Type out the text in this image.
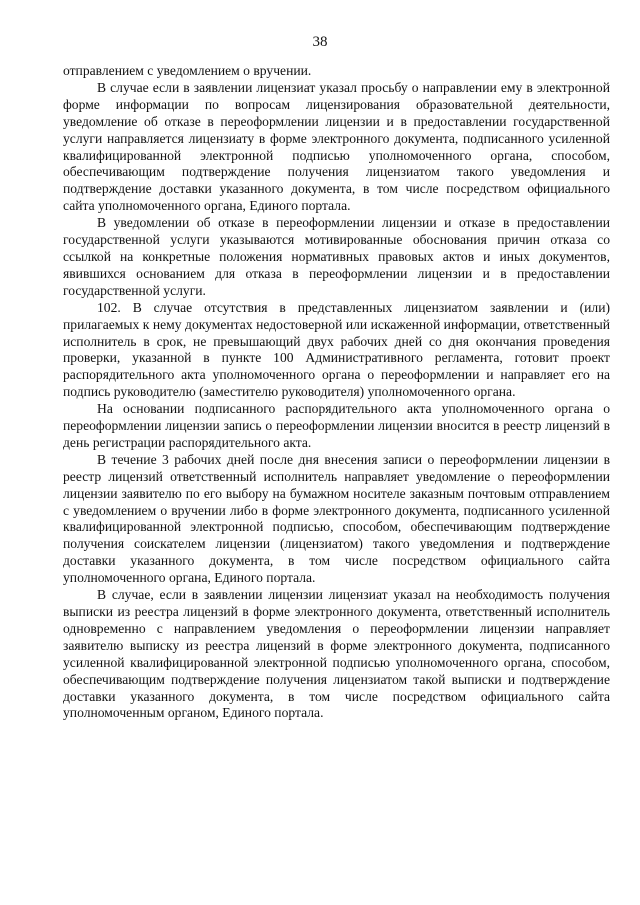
38

отправлением с уведомлением о вручении.

В случае если в заявлении лицензиат указал просьбу о направлении ему в электронной форме информации по вопросам лицензирования образовательной деятельности, уведомление об отказе в переоформлении лицензии и в предоставлении государственной услуги направляется лицензиату в форме электронного документа, подписанного усиленной квалифицированной электронной подписью уполномоченного органа, способом, обеспечивающим подтверждение получения лицензиатом такого уведомления и подтверждение доставки указанного документа, в том числе посредством официального сайта уполномоченного органа, Единого портала.

В уведомлении об отказе в переоформлении лицензии и отказе в предоставлении государственной услуги указываются мотивированные обоснования причин отказа со ссылкой на конкретные положения нормативных правовых актов и иных документов, явившихся основанием для отказа в переоформлении лицензии и в предоставлении государственной услуги.

102. В случае отсутствия в представленных лицензиатом заявлении и (или) прилагаемых к нему документах недостоверной или искаженной информации, ответственный исполнитель в срок, не превышающий двух рабочих дней со дня окончания проведения проверки, указанной в пункте 100 Административного регламента, готовит проект распорядительного акта уполномоченного органа о переоформлении и направляет его на подпись руководителю (заместителю руководителя) уполномоченного органа.

На основании подписанного распорядительного акта уполномоченного органа о переоформлении лицензии запись о переоформлении лицензии вносится в реестр лицензий в день регистрации распорядительного акта.

В течение 3 рабочих дней после дня внесения записи о переоформлении лицензии в реестр лицензий ответственный исполнитель направляет уведомление о переоформлении лицензии заявителю по его выбору на бумажном носителе заказным почтовым отправлением с уведомлением о вручении либо в форме электронного документа, подписанного усиленной квалифицированной электронной подписью, способом, обеспечивающим подтверждение получения соискателем лицензии (лицензиатом) такого уведомления и подтверждение доставки указанного документа, в том числе посредством официального сайта уполномоченного органа, Единого портала.

В случае, если в заявлении лицензии лицензиат указал на необходимость получения выписки из реестра лицензий в форме электронного документа, ответственный исполнитель одновременно с направлением уведомления о переоформлении лицензии направляет заявителю выписку из реестра лицензий в форме электронного документа, подписанного усиленной квалифицированной электронной подписью уполномоченного органа, способом, обеспечивающим подтверждение получения лицензиатом такой выписки и подтверждение доставки указанного документа, в том числе посредством официального сайта уполномоченным органом, Единого портала.
